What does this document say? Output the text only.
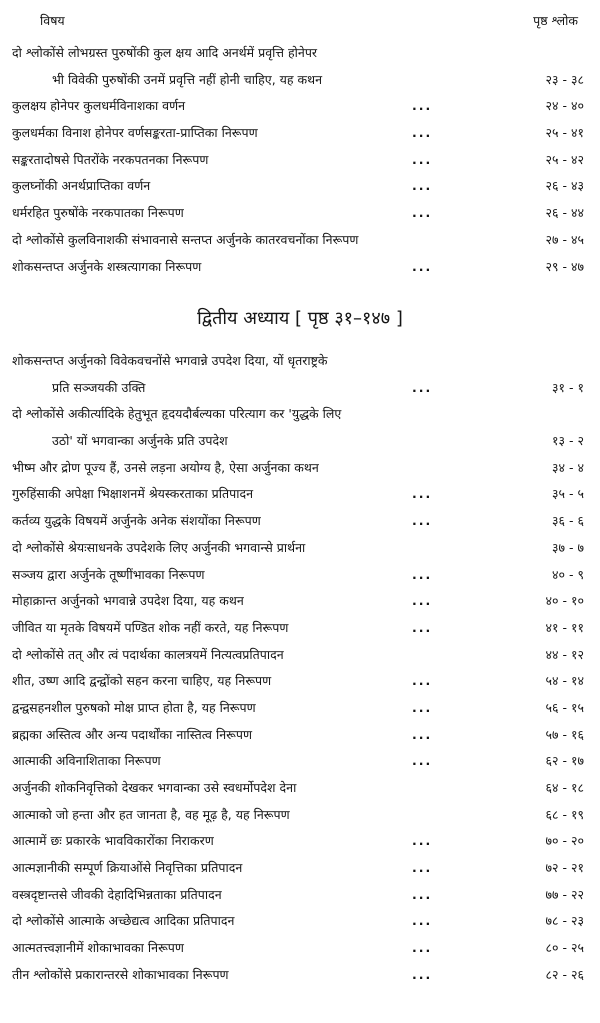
विषय	पृष्ठ श्लोक
दो श्लोकोंसे लोभग्रस्त पुरुषोंकी कुल क्षय आदि अनर्थमें प्रवृत्ति होनेपर
भी विवेकी पुरुषोंकी उनमें प्रवृत्ति नहीं होनी चाहिए, यह कथन	२३ - ३८
कुलक्षय होनेपर कुलधर्मविनाशका वर्णन	...	२४ - ४०
कुलधर्मका विनाश होनेपर वर्णसङ्करता-प्राप्तिका निरूपण	...	२५ - ४१
सङ्करतादोषसे पितरोंके नरकपतनका निरूपण	...	२५ - ४२
कुलघ्नोंकी अनर्थप्राप्तिका वर्णन	...	२६ - ४३
धर्मरहित पुरुषोंके नरकपातका निरूपण	...	२६ - ४४
दो श्लोकोंसे कुलविनाशकी संभावनासे सन्तप्त अर्जुनके कातरवचनोंका निरूपण	२७ - ४५
शोकसन्तप्त अर्जुनके शस्त्रत्यागका निरूपण	...	२९ - ४७
द्वितीय अध्याय [ पृष्ठ ३१–१४७ ]
शोकसन्तप्त अर्जुनको विवेकवचनोंसे भगवान्ने उपदेश दिया, यों धृतराष्ट्रके
प्रति सञ्जयकी उक्ति	...	३१ - १
दो श्लोकोंसे अकीर्त्यादिके हेतुभूत हृदयदौर्बल्यका परित्याग कर 'युद्धके लिए
उठो' यों भगवान्का अर्जुनके प्रति उपदेश	१३ - २
भीष्म और द्रोण पूज्य हैं, उनसे लड़ना अयोग्य है, ऐसा अर्जुनका कथन	३४ - ४
गुरुहिंसाकी अपेक्षा भिक्षाशनमें श्रेयस्करताका प्रतिपादन	...	३५ - ५
कर्तव्य युद्धके विषयमें अर्जुनके अनेक संशयोंका निरूपण	...	३६ - ६
दो श्लोकोंसे श्रेयःसाधनके उपदेशके लिए अर्जुनकी भगवान्से प्रार्थना	३७ - ७
सञ्जय द्वारा अर्जुनके तूष्णींभावका निरूपण	...	४० - ९
मोहाक्रान्त अर्जुनको भगवान्ने उपदेश दिया, यह कथन	...	४० - १०
जीवित या मृतके विषयमें पण्डित शोक नहीं करते, यह निरूपण	...	४१ - ११
दो श्लोकोंसे तत् और त्वं पदार्थका कालत्रयमें नित्यत्वप्रतिपादन	४४ - १२
शीत, उष्ण आदि द्वन्द्वोंको सहन करना चाहिए, यह निरूपण	...	५४ - १४
द्वन्द्वसहनशील पुरुषको मोक्ष प्राप्त होता है, यह निरूपण	...	५६ - १५
ब्रह्मका अस्तित्व और अन्य पदार्थोंका नास्तित्व निरूपण	...	५७ - १६
आत्माकी अविनाशिताका निरूपण	...	६२ - १७
अर्जुनकी शोकनिवृत्तिको देखकर भगवान्का उसे स्वधर्मोपदेश देना	६४ - १८
आत्माको जो हन्ता और हत जानता है, वह मूढ़ है, यह निरूपण	६८ - १९
आत्मामें छः प्रकारके भावविकारोंका निराकरण	...	७० - २०
आत्मज्ञानीकी सम्पूर्ण क्रियाओंसे निवृत्तिका प्रतिपादन	...	७२ - २१
वस्त्रदृष्टान्तसे जीवकी देहादिभिन्नताका प्रतिपादन	...	७७ - २२
दो श्लोकोंसे आत्माके अच्छेद्यत्व आदिका प्रतिपादन	...	७८ - २३
आत्मतत्त्वज्ञानीमें शोकाभावका निरूपण	...	८० - २५
तीन श्लोकोंसे प्रकारान्तरसे शोकाभावका निरूपण	...	८२ - २६
